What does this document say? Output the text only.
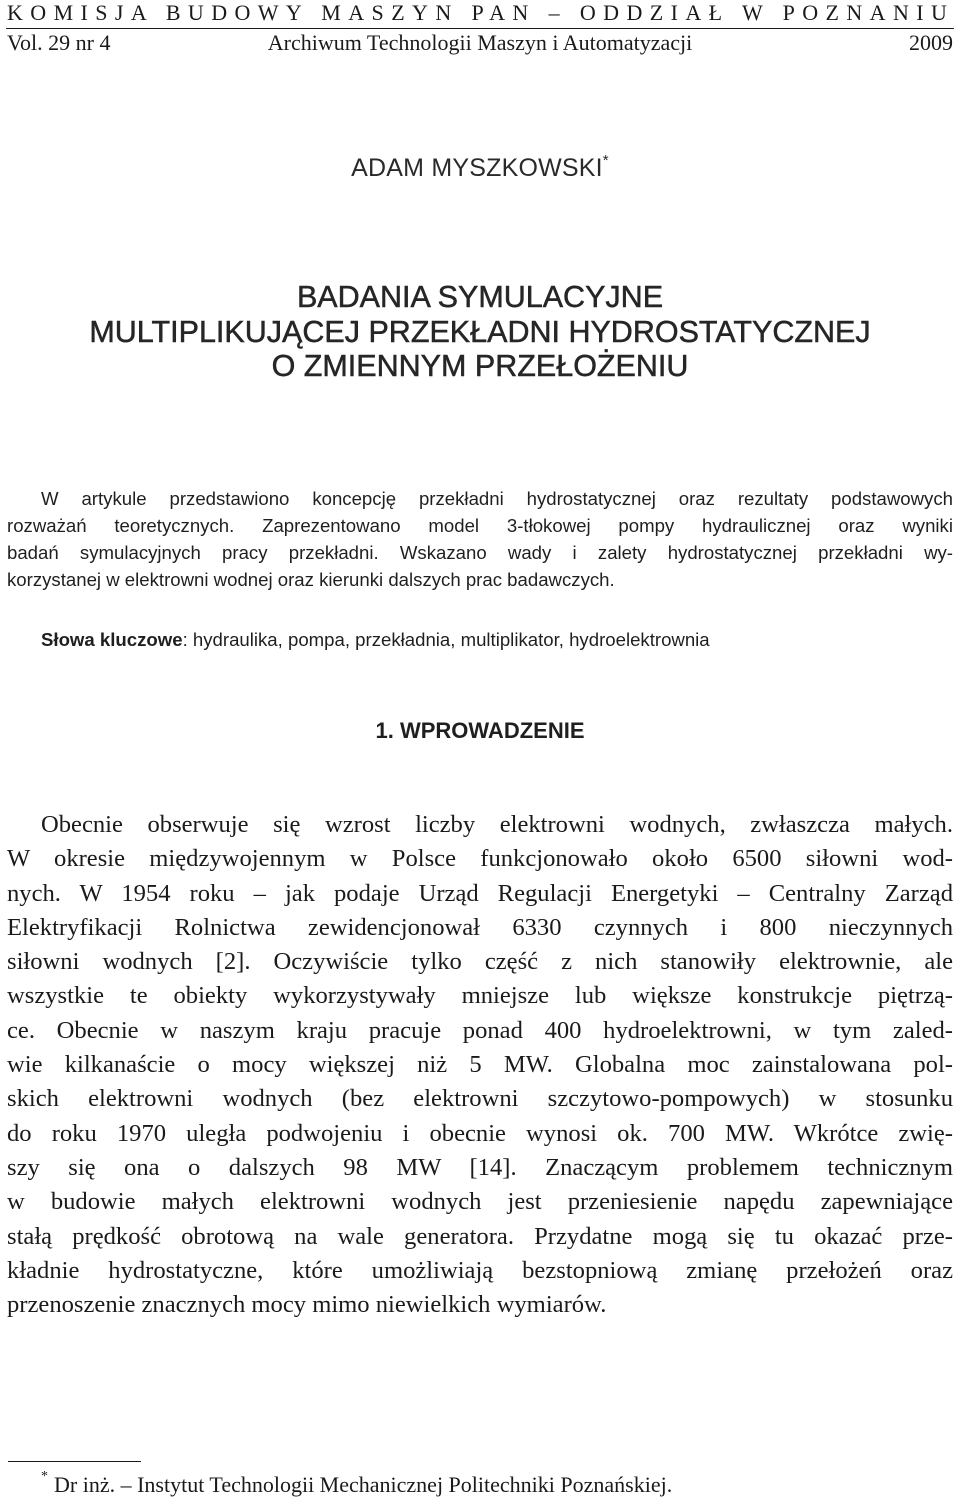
KOMISJA BUDOWY MASZYN PAN – ODDZIAŁ W POZNANIU
Vol. 29 nr 4	Archiwum Technologii Maszyn i Automatyzacji	2009
ADAM MYSZKOWSKI*
BADANIA SYMULACYJNE
MULTIPLIKUJĄCEJ PRZEKŁADNI HYDROSTATYCZNEJ
O ZMIENNYM PRZEŁOŻENIU
W artykule przedstawiono koncepcję przekładni hydrostatycznej oraz rezultaty podstawowych
rozważań teoretycznych. Zaprezentowano model 3-tłokowej pompy hydraulicznej oraz wyniki
badań symulacyjnych pracy przekładni. Wskazano wady i zalety hydrostatycznej przekładni wy-
korzystanej w elektrowni wodnej oraz kierunki dalszych prac badawczych.
Słowa kluczowe: hydraulika, pompa, przekładnia, multiplikator, hydroelektrownia
1. WPROWADZENIE
Obecnie obserwuje się wzrost liczby elektrowni wodnych, zwłaszcza małych.
W okresie międzywojennym w Polsce funkcjonowało około 6500 siłowni wod-
nych. W 1954 roku – jak podaje Urząd Regulacji Energetyki – Centralny Zarząd
Elektryfikacji Rolnictwa zewidencjonował 6330 czynnych i 800 nieczynnych
siłowni wodnych [2]. Oczywiście tylko część z nich stanowiły elektrownie, ale
wszystkie te obiekty wykorzystywały mniejsze lub większe konstrukcje piętrzą-
ce. Obecnie w naszym kraju pracuje ponad 400 hydroelektrowni, w tym zaled-
wie kilkanaście o mocy większej niż 5 MW. Globalna moc zainstalowana pol-
skich elektrowni wodnych (bez elektrowni szczytowo-pompowych) w stosunku
do roku 1970 uległa podwojeniu i obecnie wynosi ok. 700 MW. Wkrótce zwię-
szy się ona o dalszych 98 MW [14]. Znaczącym problemem technicznym
w budowie małych elektrowni wodnych jest przeniesienie napędu zapewniające
stałą prędkość obrotową na wale generatora. Przydatne mogą się tu okazać prze-
kładnie hydrostatyczne, które umożliwiają bezstopniową zmianę przełożeń oraz
przenoszenie znacznych mocy mimo niewielkich wymiarów.
* Dr inż. – Instytut Technologii Mechanicznej Politechniki Poznańskiej.
